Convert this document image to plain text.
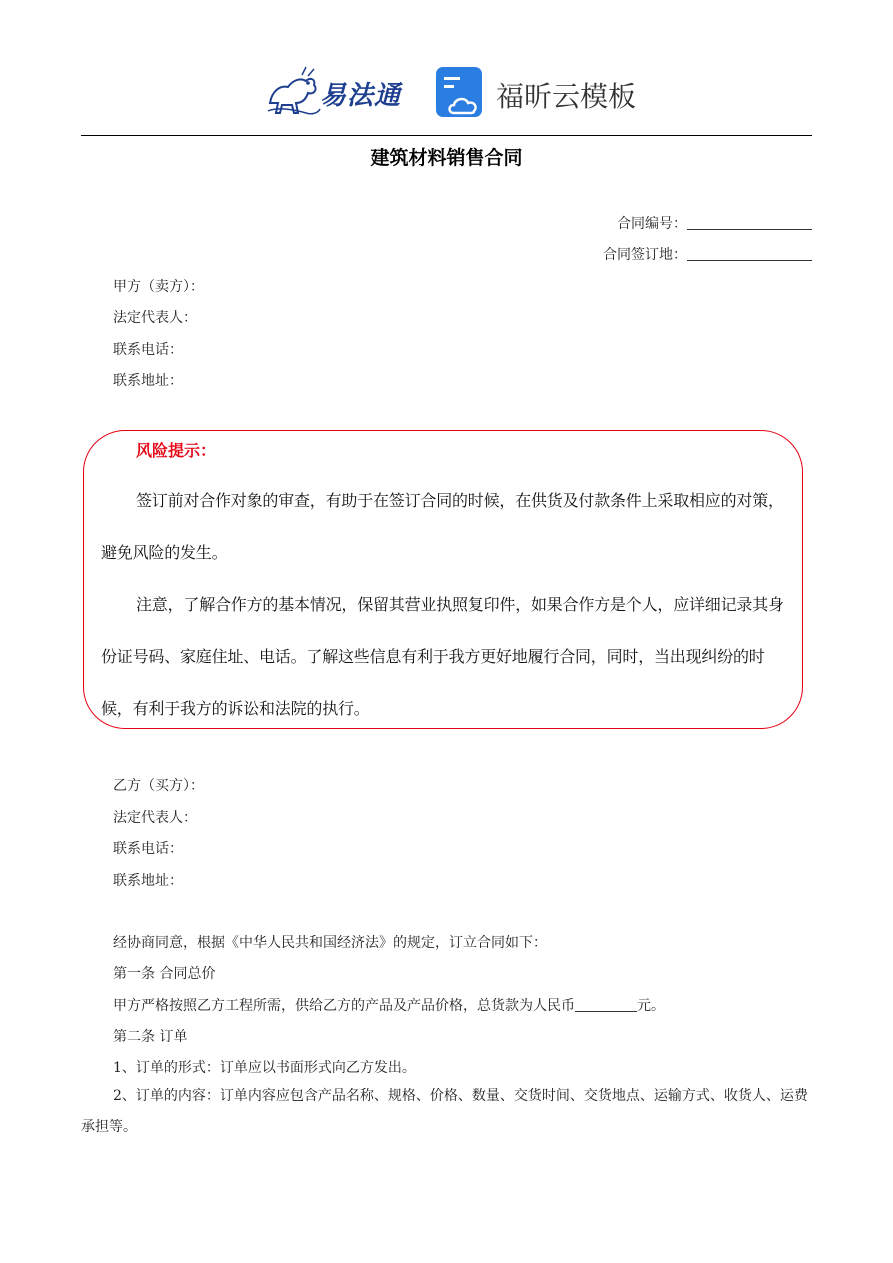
易法通	福昕云模板
建筑材料销售合同
合同编号：
合同签订地：
甲方（卖方）：
法定代表人：
联系电话：
联系地址：
风险提示：
签订前对合作对象的审查，有助于在签订合同的时候，在供货及付款条件上采取相应的对策，避免风险的发生。
注意，了解合作方的基本情况，保留其营业执照复印件，如果合作方是个人，应详细记录其身份证号码、家庭住址、电话。了解这些信息有利于我方更好地履行合同，同时，当出现纠纷的时候，有利于我方的诉讼和法院的执行。
乙方（买方）：
法定代表人：
联系电话：
联系地址：
经协商同意，根据《中华人民共和国经济法》的规定，订立合同如下：
第一条 合同总价
甲方严格按照乙方工程所需，供给乙方的产品及产品价格，总货款为人民币	元。
第二条 订单
1、订单的形式：订单应以书面形式向乙方发出。
2、订单的内容：订单内容应包含产品名称、规格、价格、数量、交货时间、交货地点、运输方式、收货人、运费承担等。
